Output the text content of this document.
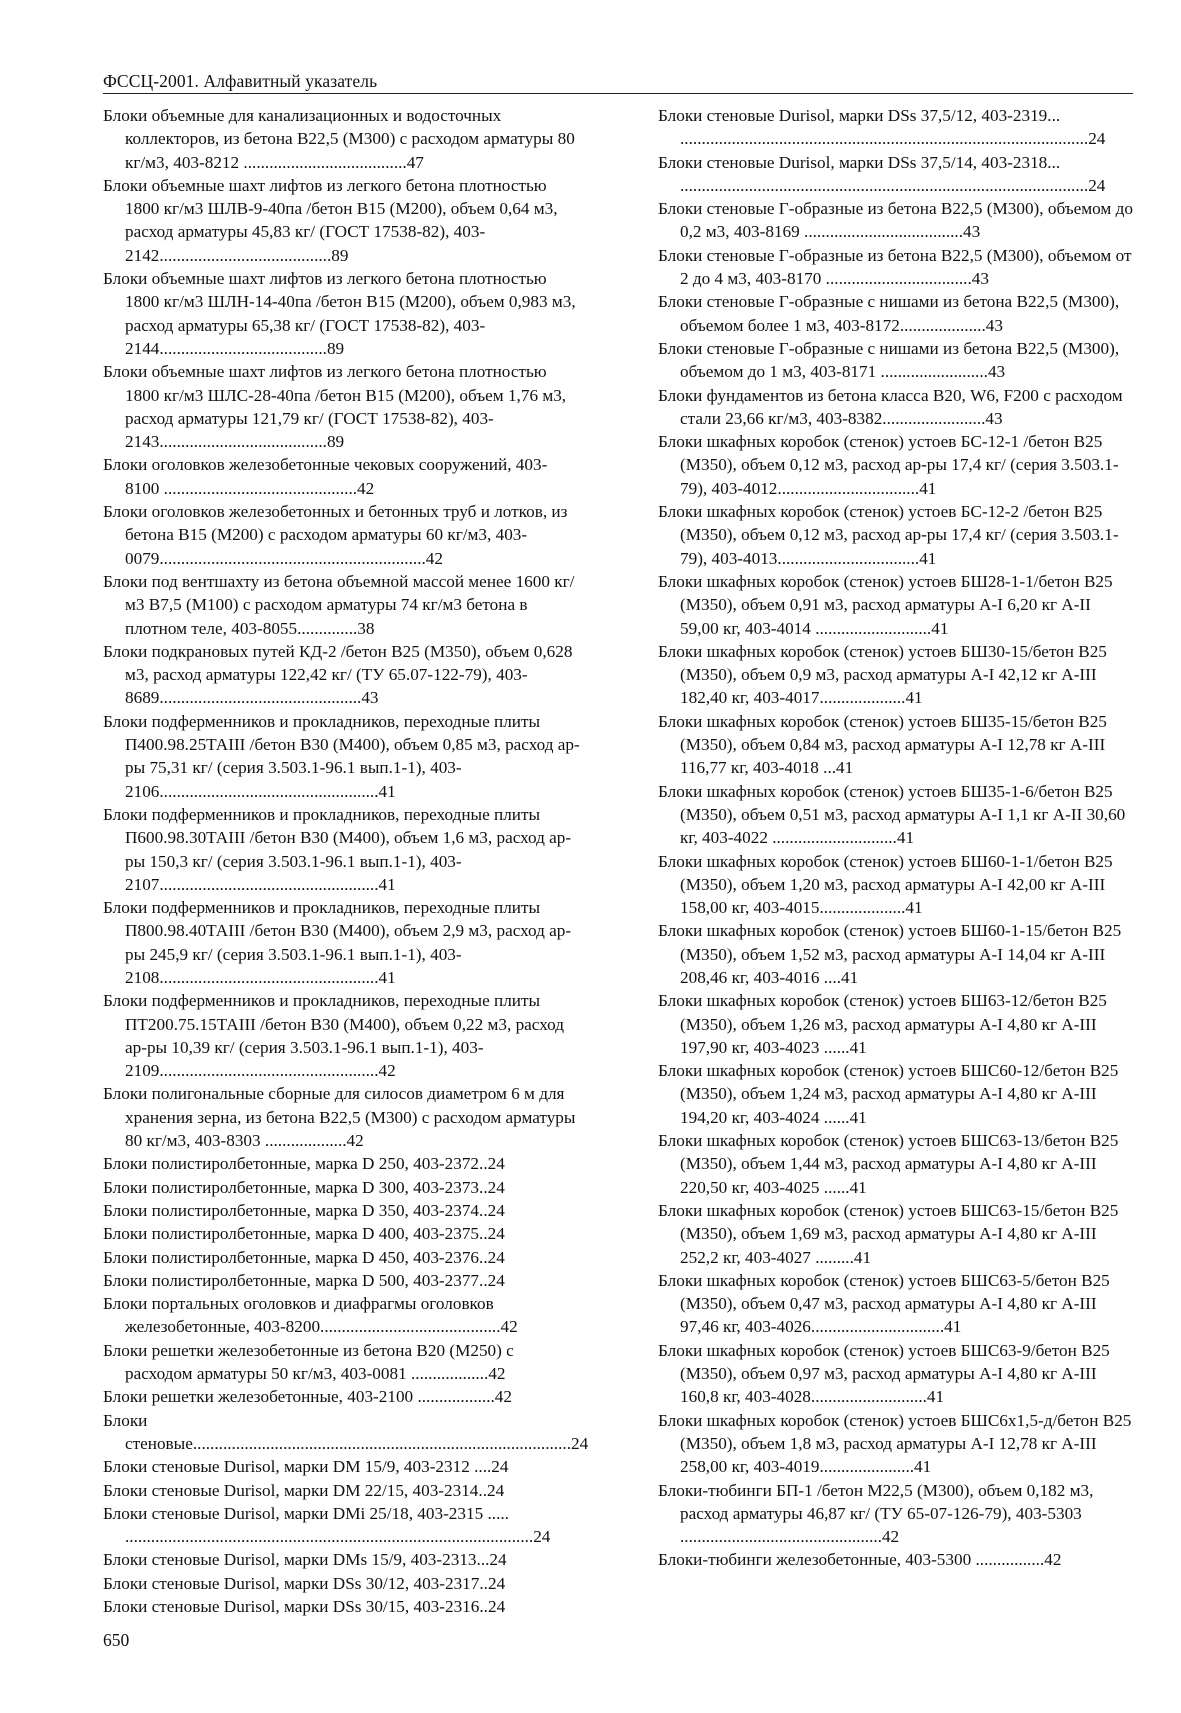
ФССЦ-2001. Алфавитный указатель
Блоки объемные для канализационных и водосточных коллекторов, из бетона В22,5 (М300) с расходом арматуры 80 кг/м3, 403-8212 ......................................47
Блоки объемные шахт лифтов из легкого бетона плотностью 1800 кг/м3 ШЛВ-9-40па /бетон В15 (М200), объем 0,64 м3, расход арматуры 45,83 кг/ (ГОСТ 17538-82), 403-2142........................................89
Блоки объемные шахт лифтов из легкого бетона плотностью 1800 кг/м3 ШЛН-14-40па /бетон В15 (М200), объем 0,983 м3, расход арматуры 65,38 кг/ (ГОСТ 17538-82), 403-2144.......................................89
Блоки объемные шахт лифтов из легкого бетона плотностью 1800 кг/м3 ШЛС-28-40па /бетон В15 (М200), объем 1,76 м3, расход арматуры 121,79 кг/ (ГОСТ 17538-82), 403-2143.......................................89
Блоки оголовков железобетонные чековых сооружений, 403-8100 .............................................42
Блоки оголовков железобетонных и бетонных труб и лотков, из бетона В15 (М200) с расходом арматуры 60 кг/м3, 403-0079..............................................................42
Блоки под вентшахту из бетона объемной массой менее 1600 кг/м3 В7,5 (М100) с расходом арматуры 74 кг/м3 бетона в плотном теле, 403-8055..............38
Блоки подкрановых путей КД-2 /бетон В25 (М350), объем 0,628 м3, расход арматуры 122,42 кг/ (ТУ 65.07-122-79), 403-8689...............................................43
Блоки подферменников и прокладников, переходные плиты П400.98.25ТАIII /бетон В30 (М400), объем 0,85 м3, расход ар-ры 75,31 кг/ (серия 3.503.1-96.1 вып.1-1), 403-2106...................................................41
Блоки подферменников и прокладников, переходные плиты П600.98.30ТАIII /бетон В30 (М400), объем 1,6 м3, расход ар-ры 150,3 кг/ (серия 3.503.1-96.1 вып.1-1), 403-2107...................................................41
Блоки подферменников и прокладников, переходные плиты П800.98.40ТАIII /бетон В30 (М400), объем 2,9 м3, расход ар-ры 245,9 кг/ (серия 3.503.1-96.1 вып.1-1), 403-2108...................................................41
Блоки подферменников и прокладников, переходные плиты ПТ200.75.15ТАIII /бетон В30 (М400), объем 0,22 м3, расход ар-ры 10,39 кг/ (серия 3.503.1-96.1 вып.1-1), 403-2109...................................................42
Блоки полигональные сборные для силосов диаметром 6 м для хранения зерна, из бетона В22,5 (М300) с расходом арматуры 80 кг/м3, 403-8303 ...................42
Блоки полистиролбетонные, марка D 250, 403-2372..24
Блоки полистиролбетонные, марка D 300, 403-2373..24
Блоки полистиролбетонные, марка D 350, 403-2374..24
Блоки полистиролбетонные, марка D 400, 403-2375..24
Блоки полистиролбетонные, марка D 450, 403-2376..24
Блоки полистиролбетонные, марка D 500, 403-2377..24
Блоки портальных оголовков и диафрагмы оголовков железобетонные, 403-8200..........................................42
Блоки решетки железобетонные из бетона В20 (М250) с расходом арматуры 50 кг/м3, 403-0081 ..................42
Блоки решетки железобетонные, 403-2100 ..................42
Блоки стеновые........................................................................................24
Блоки стеновые Durisol, марки DM 15/9, 403-2312 ....24
Блоки стеновые Durisol, марки DM 22/15, 403-2314..24
Блоки стеновые Durisol, марки DMi 25/18, 403-2315 ..... ...............................................................................................24
Блоки стеновые Durisol, марки DMs 15/9, 403-2313...24
Блоки стеновые Durisol, марки DSs 30/12, 403-2317..24
Блоки стеновые Durisol, марки DSs 30/15, 403-2316..24
Блоки стеновые Durisol, марки DSs 37,5/12, 403-2319... ...............................................................................................24
Блоки стеновые Durisol, марки DSs 37,5/14, 403-2318... ...............................................................................................24
Блоки стеновые Г-образные из бетона В22,5 (М300), объемом до 0,2 м3, 403-8169 .....................................43
Блоки стеновые Г-образные из бетона В22,5 (М300), объемом от 2 до 4 м3, 403-8170 ..................................43
Блоки стеновые Г-образные с нишами из бетона В22,5 (М300), объемом более 1 м3, 403-8172....................43
Блоки стеновые Г-образные с нишами из бетона В22,5 (М300), объемом до 1 м3, 403-8171 .........................43
Блоки фундаментов из бетона класса В20, W6, F200 с расходом стали 23,66 кг/м3, 403-8382........................43
Блоки шкафных коробок (стенок) устоев БС-12-1 /бетон В25 (М350), объем 0,12 м3, расход ар-ры 17,4 кг/ (серия 3.503.1-79), 403-4012.................................41
Блоки шкафных коробок (стенок) устоев БС-12-2 /бетон В25 (М350), объем 0,12 м3, расход ар-ры 17,4 кг/ (серия 3.503.1-79), 403-4013.................................41
Блоки шкафных коробок (стенок) устоев БШ28-1-1/бетон В25 (М350), объем 0,91 м3, расход арматуры А-I 6,20 кг А-II 59,00 кг, 403-4014 ...........................41
Блоки шкафных коробок (стенок) устоев БШ30-15/бетон В25 (М350), объем 0,9 м3, расход арматуры А-I 42,12 кг А-III 182,40 кг, 403-4017....................41
Блоки шкафных коробок (стенок) устоев БШ35-15/бетон В25 (М350), объем 0,84 м3, расход арматуры А-I 12,78 кг А-III 116,77 кг, 403-4018 ...41
Блоки шкафных коробок (стенок) устоев БШ35-1-6/бетон В25 (М350), объем 0,51 м3, расход арматуры А-I 1,1 кг А-II 30,60 кг, 403-4022 .............................41
Блоки шкафных коробок (стенок) устоев БШ60-1-1/бетон В25 (М350), объем 1,20 м3, расход арматуры А-I 42,00 кг А-III 158,00 кг, 403-4015....................41
Блоки шкафных коробок (стенок) устоев БШ60-1-15/бетон В25 (М350), объем 1,52 м3, расход арматуры А-I 14,04 кг А-III 208,46 кг, 403-4016 ....41
Блоки шкафных коробок (стенок) устоев БШ63-12/бетон В25 (М350), объем 1,26 м3, расход арматуры А-I 4,80 кг А-III 197,90 кг, 403-4023 ......41
Блоки шкафных коробок (стенок) устоев БШС60-12/бетон В25 (М350), объем 1,24 м3, расход арматуры А-I 4,80 кг А-III 194,20 кг, 403-4024 ......41
Блоки шкафных коробок (стенок) устоев БШС63-13/бетон В25 (М350), объем 1,44 м3, расход арматуры А-I 4,80 кг А-III 220,50 кг, 403-4025 ......41
Блоки шкафных коробок (стенок) устоев БШС63-15/бетон В25 (М350), объем 1,69 м3, расход арматуры А-I 4,80 кг А-III 252,2 кг, 403-4027 .........41
Блоки шкафных коробок (стенок) устоев БШС63-5/бетон В25 (М350), объем 0,47 м3, расход арматуры А-I 4,80 кг А-III 97,46 кг, 403-4026...............................41
Блоки шкафных коробок (стенок) устоев БШС63-9/бетон В25 (М350), объем 0,97 м3, расход арматуры А-I 4,80 кг А-III 160,8 кг, 403-4028...........................41
Блоки шкафных коробок (стенок) устоев БШС6х1,5-д/бетон В25 (М350), объем 1,8 м3, расход арматуры А-I 12,78 кг А-III 258,00 кг, 403-4019......................41
Блоки-тюбинги БП-1 /бетон М22,5 (М300), объем 0,182 м3, расход арматуры 46,87 кг/ (ТУ 65-07-126-79), 403-5303 ...............................................42
Блоки-тюбинги железобетонные, 403-5300 ................42
650
